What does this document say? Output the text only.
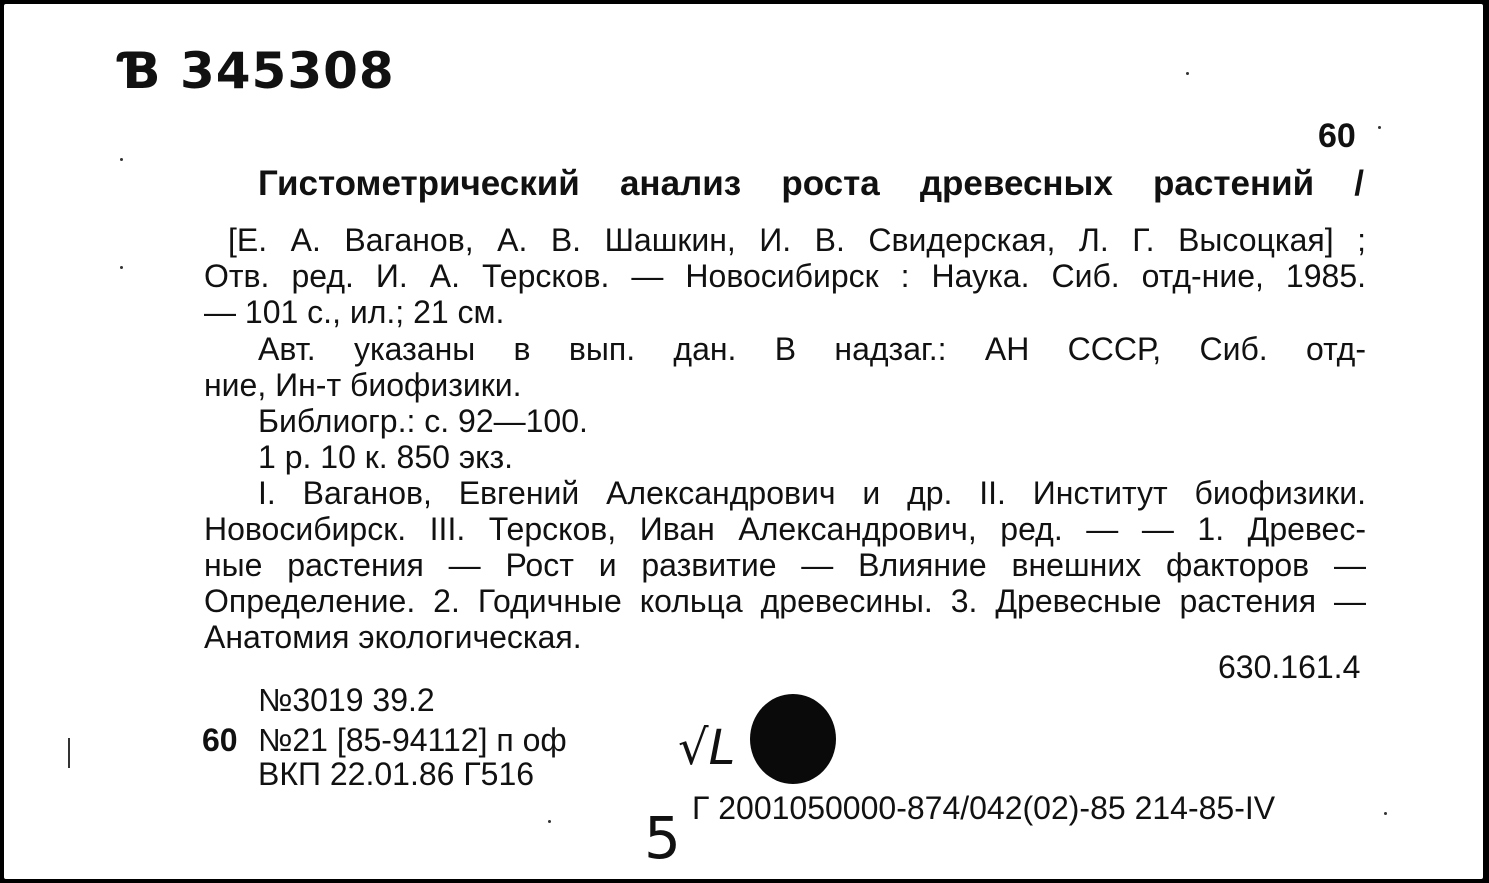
Ɓ 345308
60
Гистометрический анализ роста древесных растений /
[Е. А. Ваганов, А. В. Шашкин, И. В. Свидерская, Л. Г. Высоцкая] ;
Отв. ред. И. А. Терсков. — Новосибирск : Наука. Сиб. отд-ние, 1985.
— 101 с., ил.; 21 см.
Авт. указаны в вып. дан. В надзаг.: АН СССР, Сиб. отд-
ние, Ин-т биофизики.
Библиогр.: с. 92—100.
1 р. 10 к. 850 экз.
I. Ваганов, Евгений Александрович и др. II. Институт биофизики.
Новосибирск. III. Терсков, Иван Александрович, ред. — — 1. Древес-
ные растения — Рост и развитие — Влияние внешних факторов —
Определение. 2. Годичные кольца древесины. 3. Древесные растения —
Анатомия экологическая.
630.161.4
№3019 39.2
60 №21 [85-94112] п оф
ВКП 22.01.86 Г516	√L
Г 2001050000-874/042(02)-85 214-85-IV
5
